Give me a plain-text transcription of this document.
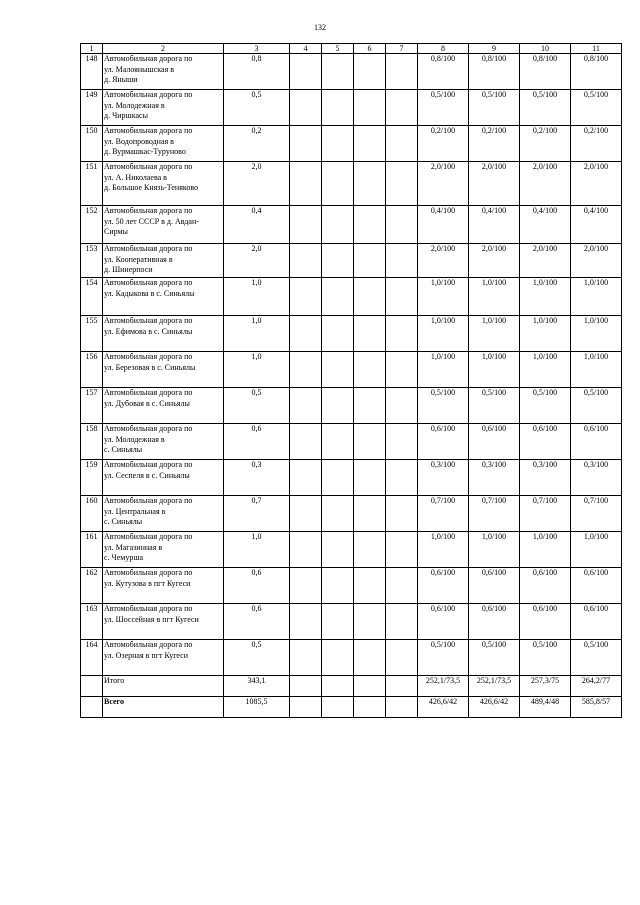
132
1	2	3	4	5	6	7	8	9	10	11
148	Автомобильная дорога по
ул. Малоянышская в
д. Яныши	0,8					0,8/100	0,8/100	0,8/100	0,8/100
149	Автомобильная дорога по
ул. Молодежная в
д. Чиршкасы	0,5					0,5/100	0,5/100	0,5/100	0,5/100
150	Автомобильная дорога по
ул. Водопроводная в
д. Вурмашкас-Туруново	0,2					0,2/100	0,2/100	0,2/100	0,2/100
151	Автомобильная дорога по
ул. А. Николаева в
д. Большое Князь-Теняково	2,0					2,0/100	2,0/100	2,0/100	2,0/100
152	Автомобильная дорога по
ул. 50 лет СССР в д. Авдан-
Сирмы	0,4					0,4/100	0,4/100	0,4/100	0,4/100
153	Автомобильная дорога по
ул. Кооперативная в
д. Шинерпоси	2,0					2,0/100	2,0/100	2,0/100	2,0/100
154	Автомобильная дорога по
ул. Кадыкова в с. Синьялы	1,0					1,0/100	1,0/100	1,0/100	1,0/100
155	Автомобильная дорога по
ул. Ефимова в с. Синьялы	1,0					1,0/100	1,0/100	1,0/100	1,0/100
156	Автомобильная дорога по
ул. Березовая в с. Синьялы	1,0					1,0/100	1,0/100	1,0/100	1,0/100
157	Автомобильная дорога по
ул. Дубовая в с. Синьялы	0,5					0,5/100	0,5/100	0,5/100	0,5/100
158	Автомобильная дорога по
ул. Молодежная в
с. Синьялы	0,6					0,6/100	0,6/100	0,6/100	0,6/100
159	Автомобильная дорога по
ул. Сеспеля в с. Синьялы	0,3					0,3/100	0,3/100	0,3/100	0,3/100
160	Автомобильная дорога по
ул. Центральная в
с. Синьялы	0,7					0,7/100	0,7/100	0,7/100	0,7/100
161	Автомобильная дорога по
ул. Магазинная в
с. Чемурша	1,0					1,0/100	1,0/100	1,0/100	1,0/100
162	Автомобильная дорога по
ул. Кутузова в пгт Кугеси	0,6					0,6/100	0,6/100	0,6/100	0,6/100
163	Автомобильная дорога по
ул. Шоссейная в пгт Кугеси	0,6					0,6/100	0,6/100	0,6/100	0,6/100
164	Автомобильная дорога по
ул. Озерная в пгт Кугеси	0,5					0,5/100	0,5/100	0,5/100	0,5/100
	Итого	343,1					252,1/73,5	252,1/73,5	257,3/75	264,2/77
	Всего	1085,5					426,6/42	426,6/42	489,4/48	585,8/57
